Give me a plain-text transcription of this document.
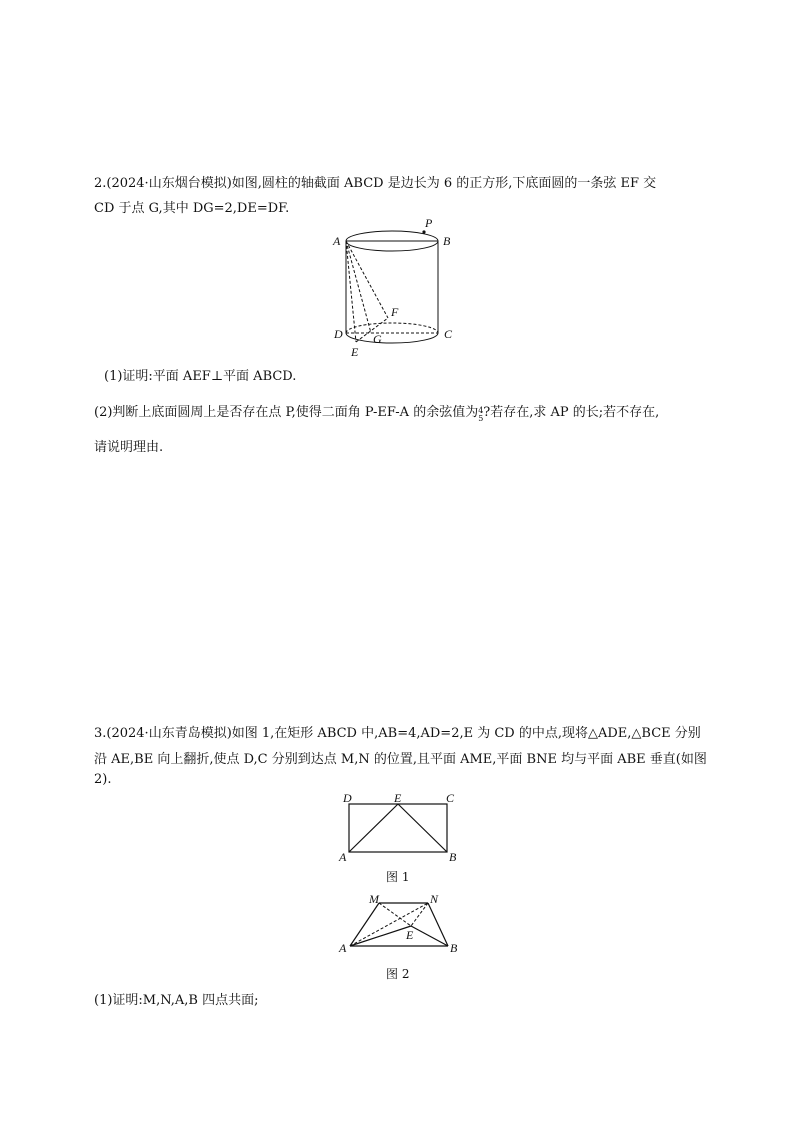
2.(2024·山东烟台模拟)如图,圆柱的轴截面 ABCD 是边长为 6 的正方形,下底面圆的一条弦 EF 交
CD 于点 G,其中 DG=2,DE=DF.
A	B
P
D	C
F
G
E
(1)证明:平面 AEF⊥平面 ABCD.
(2)判断上底面圆周上是否存在点 P,使得二面角 P-EF-A 的余弦值为 4
5 ?若存在,求 AP 的长;若不存在,
请说明理由.
3.(2024·山东青岛模拟)如图 1,在矩形 ABCD 中,AB=4,AD=2,E 为 CD 的中点,现将△ADE,△BCE 分别
沿 AE,BE 向上翻折,使点 D,C 分别到达点 M,N 的位置,且平面 AME,平面 BNE 均与平面 ABE 垂直(如图
2).
D	E	C
A	B
图 1
M	N
E
A	B
图 2
(1)证明:M,N,A,B 四点共面;
